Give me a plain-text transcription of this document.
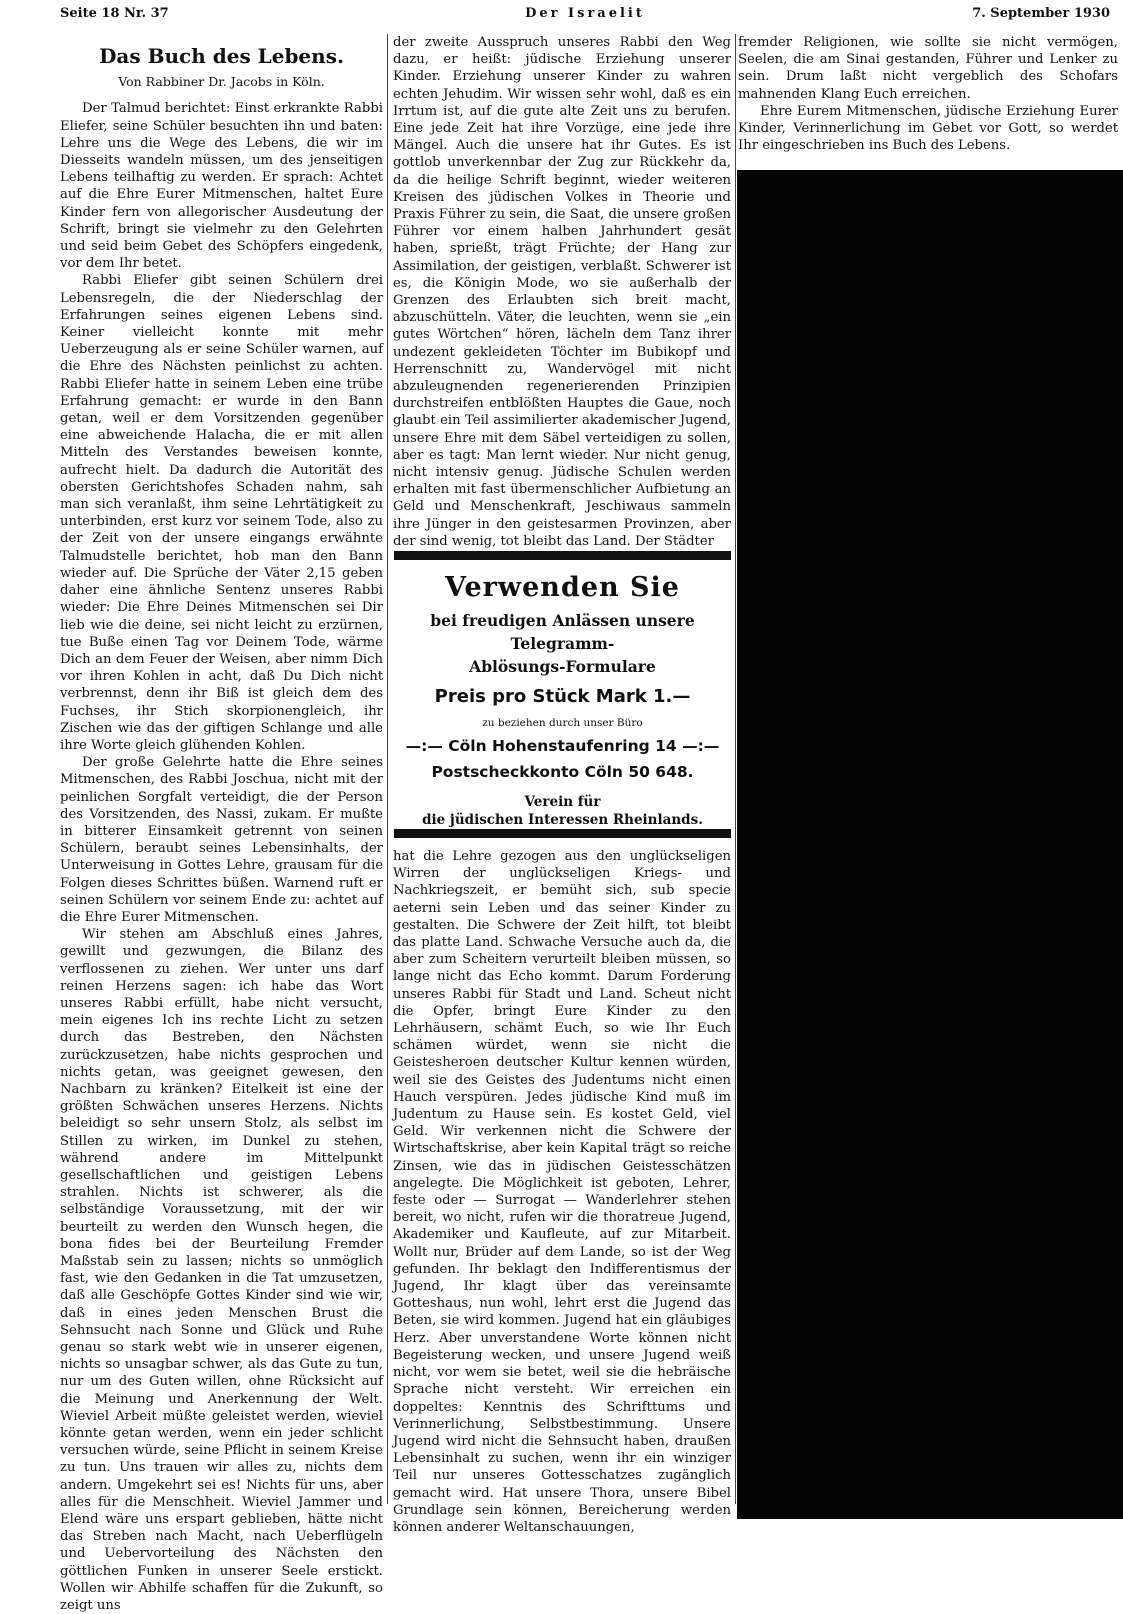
Seite 18 Nr. 37	Der Israelit	7. September 1930
Das Buch des Lebens.
Von Rabbiner Dr. Jacobs in Köln.

Der Talmud berichtet: Einst erkrankte Rabbi Eliefer, seine Schüler besuchten ihn und baten: Lehre uns die Wege des Lebens, die wir im Diesseits wandeln müssen, um des jenseitigen Lebens teilhaftig zu werden. Er sprach: Achtet auf die Ehre Eurer Mitmenschen, haltet Eure Kinder fern von allegorischer Ausdeutung der Schrift, bringt sie vielmehr zu den Gelehrten und seid beim Gebet des Schöpfers eingedenk, vor dem Ihr betet.

Rabbi Eliefer gibt seinen Schülern drei Lebensregeln, die der Niederschlag der Erfahrungen seines eigenen Lebens sind. Keiner vielleicht konnte mit mehr Ueberzeugung als er seine Schüler warnen, auf die Ehre des Nächsten peinlichst zu achten. Rabbi Eliefer hatte in seinem Leben eine trübe Erfahrung gemacht: er wurde in den Bann getan, weil er dem Vorsitzenden gegenüber eine abweichende Halacha, die er mit allen Mitteln des Verstandes beweisen konnte, aufrecht hielt. Da dadurch die Autorität des obersten Gerichtshofes Schaden nahm, sah man sich veranlaßt, ihm seine Lehrtätigkeit zu unterbinden, erst kurz vor seinem Tode, also zu der Zeit von der unsere eingangs erwähnte Talmudstelle berichtet, hob man den Bann wieder auf. Die Sprüche der Väter 2,15 geben daher eine ähnliche Sentenz unseres Rabbi wieder: Die Ehre Deines Mitmenschen sei Dir lieb wie die deine, sei nicht leicht zu erzürnen, tue Buße einen Tag vor Deinem Tode, wärme Dich an dem Feuer der Weisen, aber nimm Dich vor ihren Kohlen in acht, daß Du Dich nicht verbrennst, denn ihr Biß ist gleich dem des Fuchses, ihr Stich skorpionengleich, ihr Zischen wie das der giftigen Schlange und alle ihre Worte gleich glühenden Kohlen.

Der große Gelehrte hatte die Ehre seines Mitmenschen, des Rabbi Joschua, nicht mit der peinlichen Sorgfalt verteidigt, die der Person des Vorsitzenden, des Nassi, zukam. Er mußte in bitterer Einsamkeit getrennt von seinen Schülern, beraubt seines Lebensinhalts, der Unterweisung in Gottes Lehre, grausam für die Folgen dieses Schrittes büßen. Warnend ruft er seinen Schülern vor seinem Ende zu: achtet auf die Ehre Eurer Mitmenschen.

Wir stehen am Abschluß eines Jahres, gewillt und gezwungen, die Bilanz des verflossenen zu ziehen. Wer unter uns darf reinen Herzens sagen: ich habe das Wort unseres Rabbi erfüllt, habe nicht versucht, mein eigenes Ich ins rechte Licht zu setzen durch das Bestreben, den Nächsten zurückzusetzen, habe nichts gesprochen und nichts getan, was geeignet gewesen, den Nachbarn zu kränken? Eitelkeit ist eine der größten Schwächen unseres Herzens. Nichts beleidigt so sehr unsern Stolz, als selbst im Stillen zu wirken, im Dunkel zu stehen, während andere im Mittelpunkt gesellschaftlichen und geistigen Lebens strahlen. Nichts ist schwerer, als die selbständige Voraussetzung, mit der wir beurteilt zu werden den Wunsch hegen, die bona fides bei der Beurteilung Fremder Maßstab sein zu lassen; nichts so unmöglich fast, wie den Gedanken in die Tat umzusetzen, daß alle Geschöpfe Gottes Kinder sind wie wir, daß in eines jeden Menschen Brust die Sehnsucht nach Sonne und Glück und Ruhe genau so stark webt wie in unserer eigenen, nichts so unsagbar schwer, als das Gute zu tun, nur um des Guten willen, ohne Rücksicht auf die Meinung und Anerkennung der Welt. Wieviel Arbeit müßte geleistet werden, wieviel könnte getan werden, wenn ein jeder schlicht versuchen würde, seine Pflicht in seinem Kreise zu tun. Uns trauen wir alles zu, nichts dem andern. Umgekehrt sei es! Nichts für uns, aber alles für die Menschheit. Wieviel Jammer und Elend wäre uns erspart geblieben, hätte nicht das Streben nach Macht, nach Ueberflügeln und Uebervorteilung des Nächsten den göttlichen Funken in unserer Seele erstickt. Wollen wir Abhilfe schaffen für die Zukunft, so zeigt uns

der zweite Ausspruch unseres Rabbi den Weg dazu, er heißt: jüdische Erziehung unserer Kinder. Erziehung unserer Kinder zu wahren echten Jehudim. Wir wissen sehr wohl, daß es ein Irrtum ist, auf die gute alte Zeit uns zu berufen. Eine jede Zeit hat ihre Vorzüge, eine jede ihre Mängel. Auch die unsere hat ihr Gutes. Es ist gottlob unverkennbar der Zug zur Rückkehr da, da die heilige Schrift beginnt, wieder weiteren Kreisen des jüdischen Volkes in Theorie und Praxis Führer zu sein, die Saat, die unsere großen Führer vor einem halben Jahrhundert gesät haben, sprießt, trägt Früchte; der Hang zur Assimilation, der geistigen, verblaßt. Schwerer ist es, die Königin Mode, wo sie außerhalb der Grenzen des Erlaubten sich breit macht, abzuschütteln. Väter, die leuchten, wenn sie „ein gutes Wörtchen“ hören, lächeln dem Tanz ihrer undezent gekleideten Töchter im Bubikopf und Herrenschnitt zu, Wandervögel mit nicht abzuleugnenden regenerierenden Prinzipien durchstreifen entblößten Hauptes die Gaue, noch glaubt ein Teil assimilierter akademischer Jugend, unsere Ehre mit dem Säbel verteidigen zu sollen, aber es tagt: Man lernt wieder. Nur nicht genug, nicht intensiv genug. Jüdische Schulen werden erhalten mit fast übermenschlicher Aufbietung an Geld und Menschenkraft, Jeschiwaus sammeln ihre Jünger in den geistesarmen Provinzen, aber der sind wenig, tot bleibt das Land. Der Städter

Verwenden Sie
bei freudigen Anlässen unsere Telegramm-
Ablösungs-Formulare
Preis pro Stück Mark 1.—
zu beziehen durch unser Büro
—:— Cöln Hohenstaufenring 14 —:—
Postscheckkonto Cöln 50 648.
Verein für
die jüdischen Interessen Rheinlands.

hat die Lehre gezogen aus den unglückseligen Wirren der unglückseligen Kriegs- und Nachkriegszeit, er bemüht sich, sub specie aeterni sein Leben und das seiner Kinder zu gestalten. Die Schwere der Zeit hilft, tot bleibt das platte Land. Schwache Versuche auch da, die aber zum Scheitern verurteilt bleiben müssen, so lange nicht das Echo kommt. Darum Forderung unseres Rabbi für Stadt und Land. Scheut nicht die Opfer, bringt Eure Kinder zu den Lehrhäusern, schämt Euch, so wie Ihr Euch schämen würdet, wenn sie nicht die Geistesheroen deutscher Kultur kennen würden, weil sie des Geistes des Judentums nicht einen Hauch verspüren. Jedes jüdische Kind muß im Judentum zu Hause sein. Es kostet Geld, viel Geld. Wir verkennen nicht die Schwere der Wirtschaftskrise, aber kein Kapital trägt so reiche Zinsen, wie das in jüdischen Geistesschätzen angelegte. Die Möglichkeit ist geboten, Lehrer, feste oder — Surrogat — Wanderlehrer stehen bereit, wo nicht, rufen wir die thoratreue Jugend, Akademiker und Kaufleute, auf zur Mitarbeit. Wollt nur, Brüder auf dem Lande, so ist der Weg gefunden. Ihr beklagt den Indifferentismus der Jugend, Ihr klagt über das vereinsamte Gotteshaus, nun wohl, lehrt erst die Jugend das Beten, sie wird kommen. Jugend hat ein gläubiges Herz. Aber unverstandene Worte können nicht Begeisterung wecken, und unsere Jugend weiß nicht, vor wem sie betet, weil sie die hebräische Sprache nicht versteht. Wir erreichen ein doppeltes: Kenntnis des Schrifttums und Verinnerlichung, Selbstbestimmung. Unsere Jugend wird nicht die Sehnsucht haben, draußen Lebensinhalt zu suchen, wenn ihr ein winziger Teil nur unseres Gottesschatzes zugänglich gemacht wird. Hat unsere Thora, unsere Bibel Grundlage sein können, Bereicherung werden können anderer Weltanschauungen,

fremder Religionen, wie sollte sie nicht vermögen, Seelen, die am Sinai gestanden, Führer und Lenker zu sein. Drum laßt nicht vergeblich des Schofars mahnenden Klang Euch erreichen.

Ehre Eurem Mitmenschen, jüdische Erziehung Eurer Kinder, Verinnerlichung im Gebet vor Gott, so werdet Ihr eingeschrieben ins Buch des Lebens.
